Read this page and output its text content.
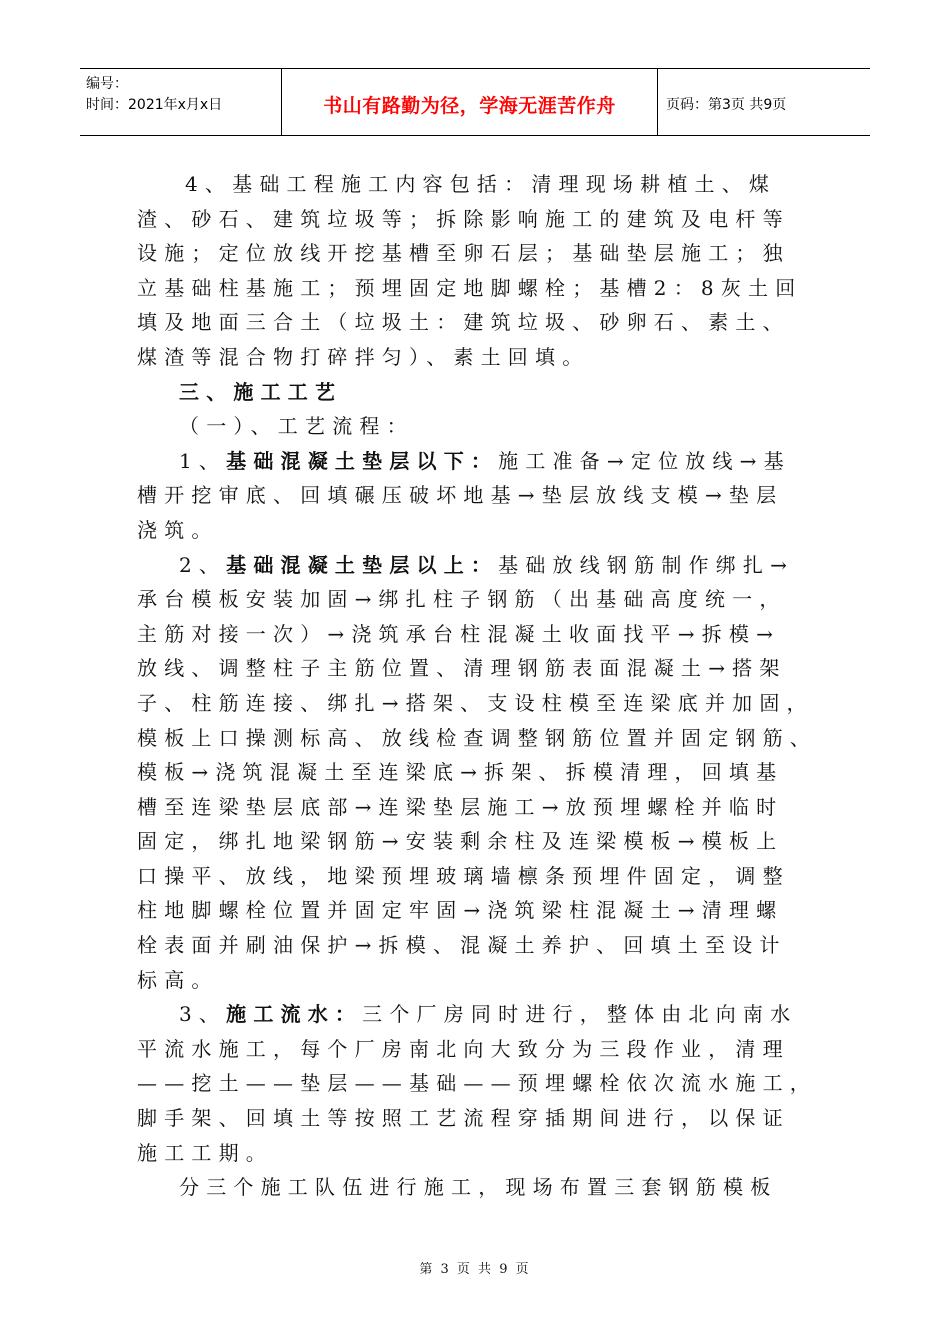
编号：
时间：2021年x月x日	书山有路勤为径，学海无涯苦作舟	页码：第3页 共9页

4、基础工程施工内容包括：清理现场耕植土、煤

渣、砂石、建筑垃圾等；拆除影响施工的建筑及电杆等

设施；定位放线开挖基槽至卵石层；基础垫层施工；独

立基础柱基施工；预埋固定地脚螺栓；基槽2：8灰土回

填及地面三合土（垃圾土：建筑垃圾、砂卵石、素土、

煤渣等混合物打碎拌匀）、素土回填。

三、施工工艺

（一）、工艺流程：

1、基础混凝土垫层以下：施工准备→定位放线→基

槽开挖审底、回填碾压破坏地基→垫层放线支模→垫层

浇筑。

2、基础混凝土垫层以上：基础放线钢筋制作绑扎→

承台模板安装加固→绑扎柱子钢筋（出基础高度统一，

主筋对接一次）→浇筑承台柱混凝土收面找平→拆模→

放线、调整柱子主筋位置、清理钢筋表面混凝土→搭架

子、柱筋连接、绑扎→搭架、支设柱模至连梁底并加固，

模板上口操测标高、放线检查调整钢筋位置并固定钢筋、

模板→浇筑混凝土至连梁底→拆架、拆模清理，回填基

槽至连梁垫层底部→连梁垫层施工→放预埋螺栓并临时

固定，绑扎地梁钢筋→安装剩余柱及连梁模板→模板上

口操平、放线，地梁预埋玻璃墙檩条预埋件固定，调整

柱地脚螺栓位置并固定牢固→浇筑梁柱混凝土→清理螺

栓表面并刷油保护→拆模、混凝土养护、回填土至设计

标高。

3、施工流水：三个厂房同时进行，整体由北向南水

平流水施工，每个厂房南北向大致分为三段作业，清理

——挖土——垫层——基础——预埋螺栓依次流水施工，

脚手架、回填土等按照工艺流程穿插期间进行，以保证

施工工期。

分三个施工队伍进行施工，现场布置三套钢筋模板

第 3 页 共 9 页
